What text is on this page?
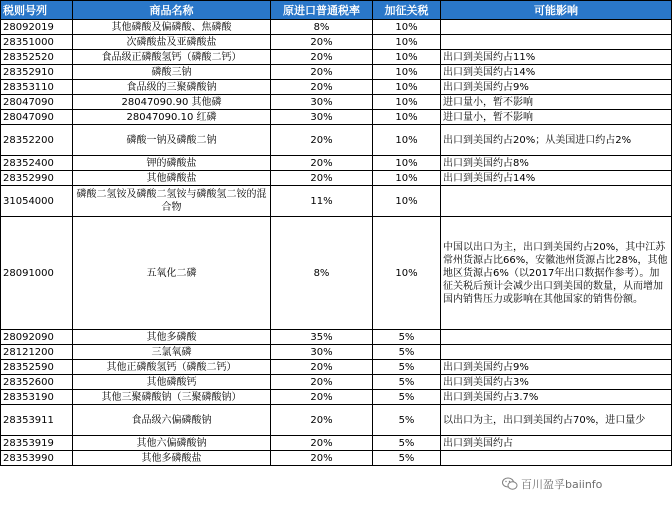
税则号列	商品名称	原进口普通税率	加征关税	可能影响
28092019	其他磷酸及偏磷酸、焦磷酸	8%	10%	
28351000	次磷酸盐及亚磷酸盐	20%	10%	
28352520	食品级正磷酸氢钙（磷酸二钙）	20%	10%	出口到美国约占11%
28352910	磷酸三钠	20%	10%	出口到美国约占14%
28353110	食品级的三聚磷酸钠	20%	10%	出口到美国约占9%
28047090	28047090.90 其他磷	30%	10%	进口量小，暂不影响
28047090	28047090.10 红磷	30%	10%	进口量小，暂不影响
28352200	磷酸一钠及磷酸二钠	20%	10%	出口到美国约占20%；从美国进口约占2%
28352400	钾的磷酸盐	20%	10%	出口到美国约占8%
28352990	其他磷酸盐	20%	10%	出口到美国约占14%
31054000	磷酸二氢铵及磷酸二氢铵与磷酸氢二铵的混合物	11%	10%	
28091000	五氧化二磷	8%	10%	中国以出口为主，出口到美国约占20%，其中江苏常州货源占比66%，安徽池州货源占比28%，其他地区货源占6%（以2017年出口数据作参考）。加征关税后预计会减少出口到美国的数量，从而增加国内销售压力或影响在其他国家的销售份额。
28092090	其他多磷酸	35%	5%	
28121200	三氯氧磷	30%	5%	
28352590	其他正磷酸氢钙（磷酸二钙）	20%	5%	出口到美国约占9%
28352600	其他磷酸钙	20%	5%	出口到美国约占3%
28353190	其他三聚磷酸钠（三聚磷酸钠）	20%	5%	出口到美国约占3.7%
28353911	食品级六偏磷酸钠	20%	5%	以出口为主，出口到美国约占70%，进口量少
28353919	其他六偏磷酸钠	20%	5%	出口到美国约占
28353990	其他多磷酸盐	20%	5%	
百川盈孚baiinfo
